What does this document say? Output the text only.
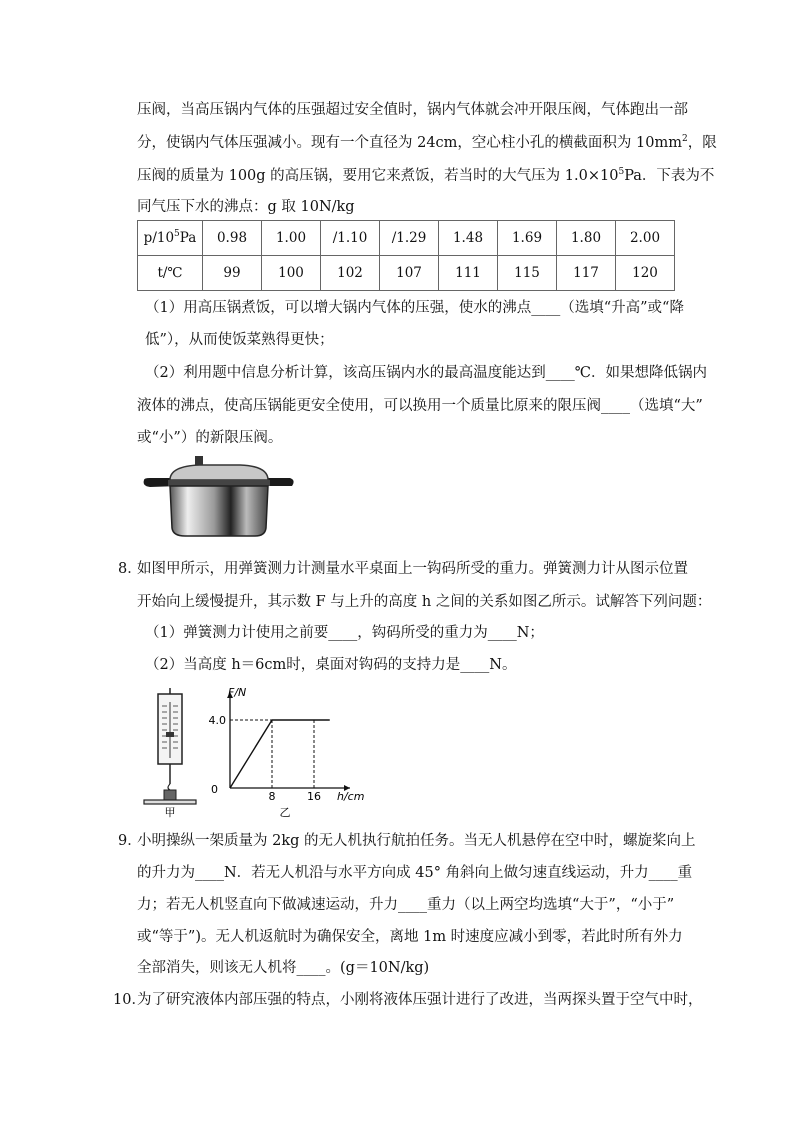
压阀，当高压锅内气体的压强超过安全值时，锅内气体就会冲开限压阀，气体跑出一部
分，使锅内气体压强减小。现有一个直径为 24cm，空心柱小孔的横截面积为 $10mm^2$，限
压阀的质量为 100g 的高压锅，要用它来煮饭，若当时的大气压为 $1.0\times 10^5Pa$．下表为不
同气压下水的沸点：g 取 10N/kg
$p/10^5Pa$	0.98	1.00	/1.10	/1.29	1.48	1.69	1.80	2.00
t/℃	99	100	102	107	111	115	117	120
（1）用高压锅煮饭，可以增大锅内气体的压强，使水的沸点____（选填“升高”或“降
低”），从而使饭菜熟得更快；
（2）利用题中信息分析计算，该高压锅内水的最高温度能达到____℃．如果想降低锅内
液体的沸点，使高压锅能更安全使用，可以换用一个质量比原来的限压阀____（选填“大”
或“小”）的新限压阀。
8．
如图甲所示，用弹簧测力计测量水平桌面上一钩码所受的重力。弹簧测力计从图示位置
开始向上缓慢提升，其示数 F 与上升的高度 h 之间的关系如图乙所示。试解答下列问题：
（1）弹簧测力计使用之前要____，钩码所受的重力为____N；
（2）当高度 h＝6cm时，桌面对钩码的支持力是____N。
甲
F/N
h/cm
0
4.0
8	16
乙
9．
小明操纵一架质量为 2kg 的无人机执行航拍任务。当无人机悬停在空中时，螺旋桨向上
的升力为____N．若无人机沿与水平方向成 45° 角斜向上做匀速直线运动，升力____重
力；若无人机竖直向下做减速运动，升力____重力（以上两空均选填“大于”，“小于”
或“等于”)。无人机返航时为确保安全，离地 1m 时速度应减小到零，若此时所有外力
全部消失，则该无人机将____。(g＝10N/kg)
10．
为了研究液体内部压强的特点，小刚将液体压强计进行了改进，当两探头置于空气中时，
